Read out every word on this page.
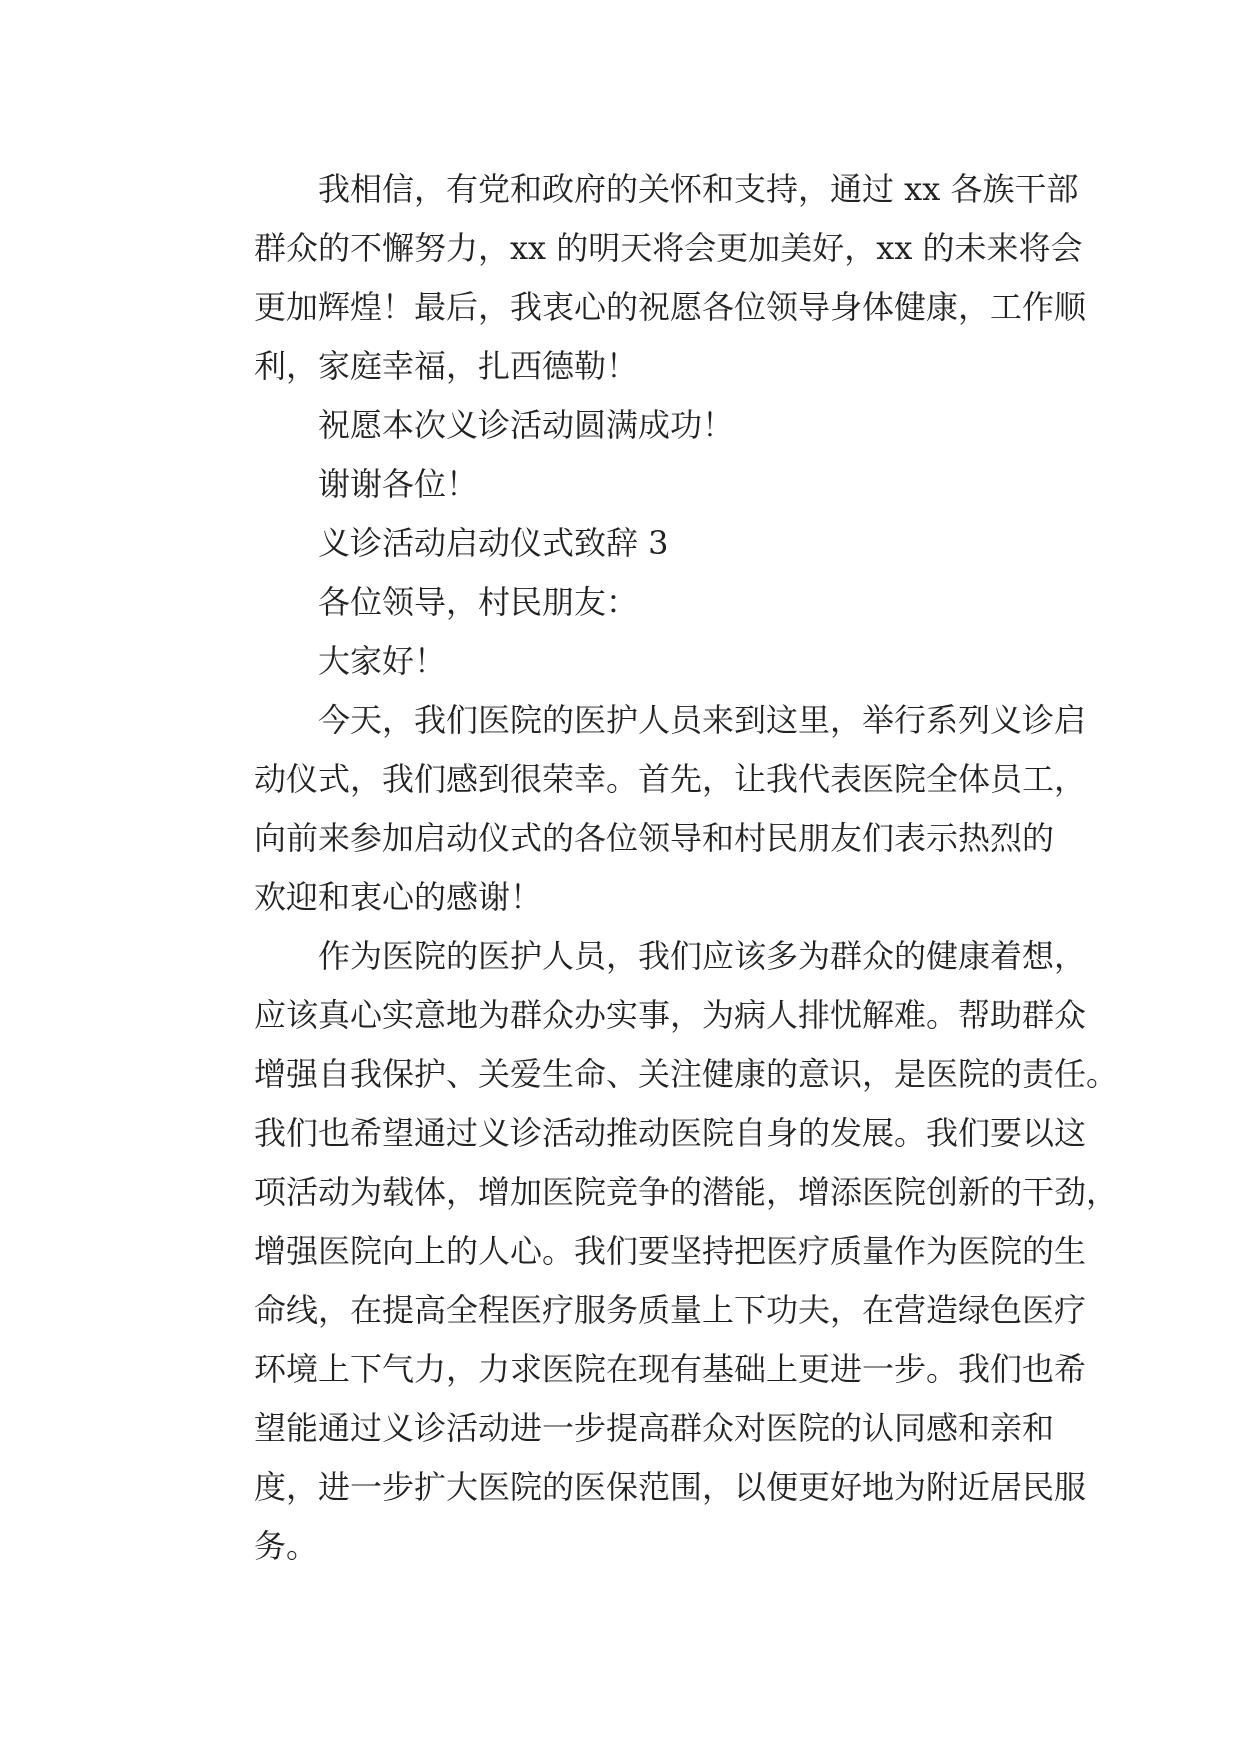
我相信，有党和政府的关怀和支持，通过 xx 各族干部
群众的不懈努力，xx 的明天将会更加美好，xx 的未来将会
更加辉煌！最后，我衷心的祝愿各位领导身体健康，工作顺
利，家庭幸福，扎西德勒！
祝愿本次义诊活动圆满成功！
谢谢各位！
义诊活动启动仪式致辞 3
各位领导，村民朋友：
大家好！
今天，我们医院的医护人员来到这里，举行系列义诊启
动仪式，我们感到很荣幸。首先，让我代表医院全体员工，
向前来参加启动仪式的各位领导和村民朋友们表示热烈的
欢迎和衷心的感谢！
作为医院的医护人员，我们应该多为群众的健康着想，
应该真心实意地为群众办实事，为病人排忧解难。帮助群众
增强自我保护、关爱生命、关注健康的意识，是医院的责任。
我们也希望通过义诊活动推动医院自身的发展。我们要以这
项活动为载体，增加医院竞争的潜能，增添医院创新的干劲，
增强医院向上的人心。我们要坚持把医疗质量作为医院的生
命线，在提高全程医疗服务质量上下功夫，在营造绿色医疗
环境上下气力，力求医院在现有基础上更进一步。我们也希
望能通过义诊活动进一步提高群众对医院的认同感和亲和
度，进一步扩大医院的医保范围，以便更好地为附近居民服
务。
